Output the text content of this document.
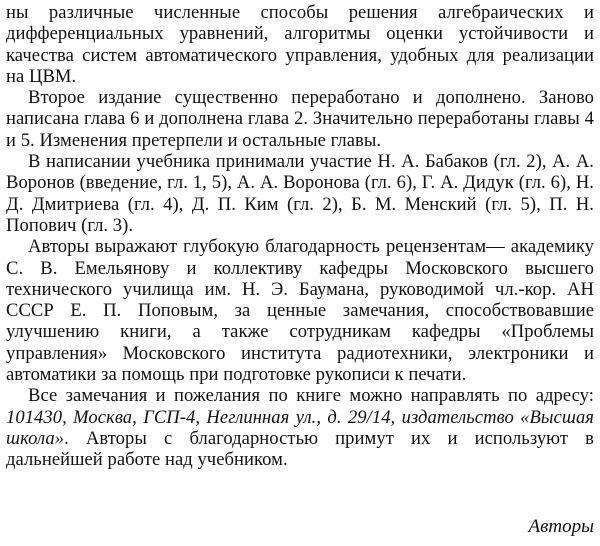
ны различные численные способы решения алгебраических и дифференциальных уравнений, алгоритмы оценки устойчивости и качества систем автоматического управления, удобных для реализации на ЦВМ.

Второе издание существенно переработано и дополнено. Заново написана глава 6 и дополнена глава 2. Значительно переработаны главы 4 и 5. Изменения претерпели и остальные главы.

В написании учебника принимали участие Н. А. Бабаков (гл. 2), А. А. Воронов (введение, гл. 1, 5), А. А. Воронова (гл. 6), Г. А. Дидук (гл. 6), Н. Д. Дмитриева (гл. 4), Д. П. Ким (гл. 2), Б. М. Менский (гл. 5), П. Н. Попович (гл. 3).

Авторы выражают глубокую благодарность рецензентам— академику С. В. Емельянову и коллективу кафедры Московского высшего технического училища им. Н. Э. Баумана, руководимой чл.-кор. АН СССР Е. П. Поповым, за ценные замечания, способствовавшие улучшению книги, а также сотрудникам кафедры «Проблемы управления» Московского института радиотехники, электроники и автоматики за помощь при подготовке рукописи к печати.

Все замечания и пожелания по книге можно направлять по адресу: 101430, Москва, ГСП-4, Неглинная ул., д. 29/14, издательство «Высшая школа». Авторы с благодарностью примут их и используют в дальнейшей работе над учебником.

Авторы
